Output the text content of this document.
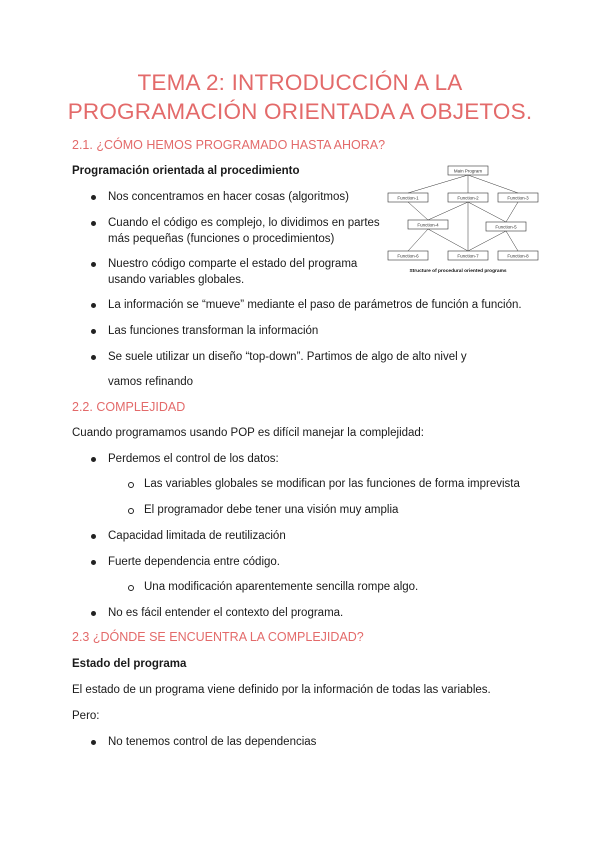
TEMA 2: INTRODUCCIÓN A LA
PROGRAMACIÓN ORIENTADA A OBJETOS.
2.1. ¿CÓMO HEMOS PROGRAMADO HASTA AHORA?
Programación orientada al procedimiento
Nos concentramos en hacer cosas (algoritmos)
Cuando el código es complejo, lo dividimos en partes
más pequeñas (funciones o procedimientos)
Nuestro código comparte el estado del programa
usando variables globales.
La información se “mueve” mediante el paso de parámetros de función a función.
Las funciones transforman la información
Se suele utilizar un diseño “top-down”. Partimos de algo de alto nivel y
vamos refinando
Main Program
Function-1	Function-2	Function-3
Function-4	Function-5
Function-6	Function-7	Function-8
Structure of procedural oriented programs
2.2. COMPLEJIDAD
Cuando programamos usando POP es difícil manejar la complejidad:
Perdemos el control de los datos:
Las variables globales se modifican por las funciones de forma imprevista
El programador debe tener una visión muy amplia
Capacidad limitada de reutilización
Fuerte dependencia entre código.
Una modificación aparentemente sencilla rompe algo.
No es fácil entender el contexto del programa.
2.3 ¿DÓNDE SE ENCUENTRA LA COMPLEJIDAD?
Estado del programa
El estado de un programa viene definido por la información de todas las variables.
Pero:
No tenemos control de las dependencias
